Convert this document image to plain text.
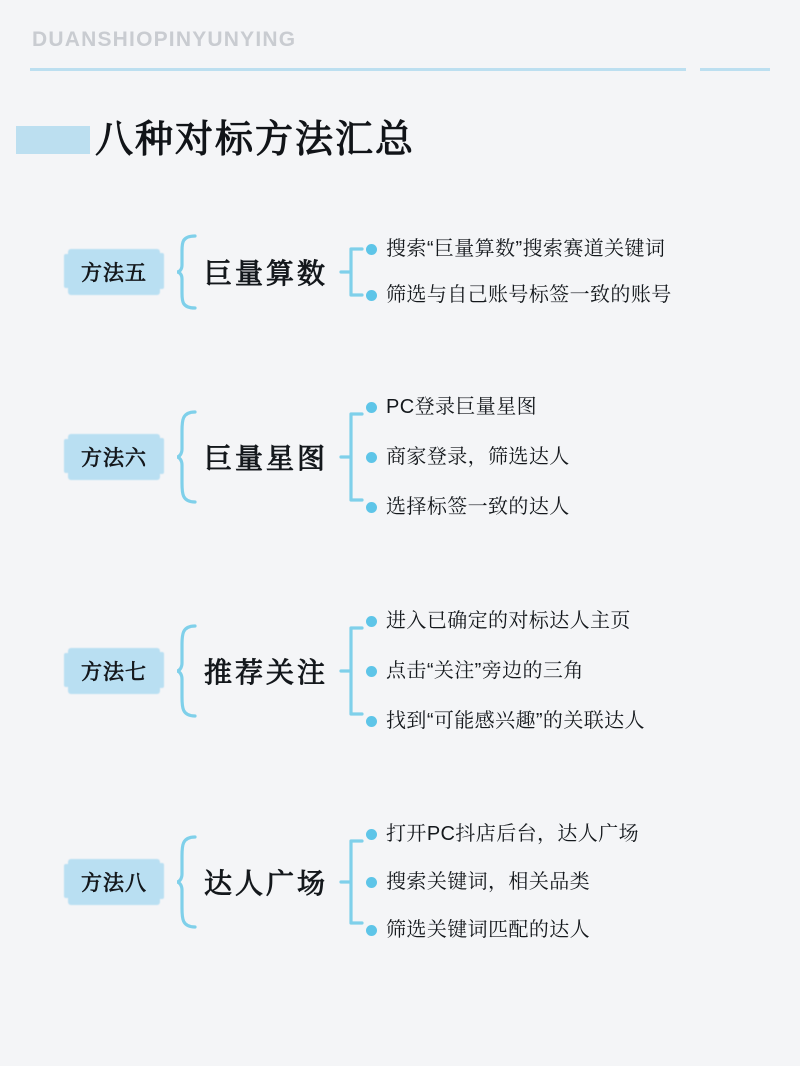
DUANSHIOPINYUNYING
八种对标方法汇总
方法五 巨量算数
搜索“巨量算数”搜索赛道关键词
筛选与自己账号标签一致的账号
方法六 巨量星图
PC登录巨量星图
商家登录，筛选达人
选择标签一致的达人
方法七 推荐关注
进入已确定的对标达人主页
点击“关注”旁边的三角
找到“可能感兴趣”的关联达人
方法八 达人广场
打开PC抖店后台，达人广场
搜索关键词，相关品类
筛选关键词匹配的达人
